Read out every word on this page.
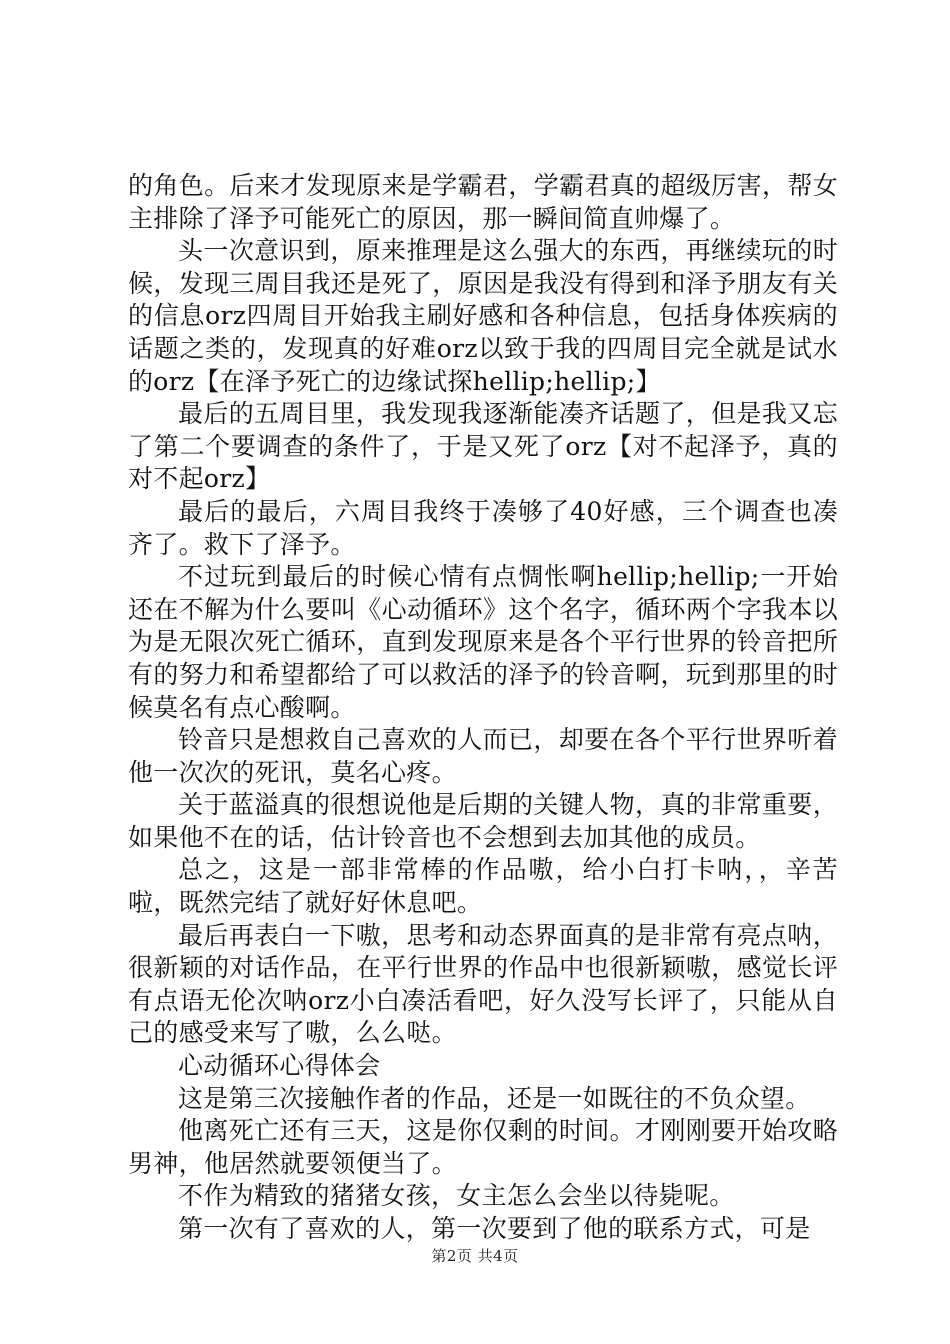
的角色。后来才发现原来是学霸君，学霸君真的超级厉害，帮女主排除了泽予可能死亡的原因，那一瞬间简直帅爆了。

头一次意识到，原来推理是这么强大的东西，再继续玩的时候，发现三周目我还是死了，原因是我没有得到和泽予朋友有关的信息orz四周目开始我主刷好感和各种信息，包括身体疾病的话题之类的，发现真的好难orz以致于我的四周目完全就是试水的orz【在泽予死亡的边缘试探hellip;hellip;】

最后的五周目里，我发现我逐渐能凑齐话题了，但是我又忘了第二个要调查的条件了，于是又死了orz【对不起泽予，真的对不起orz】

最后的最后，六周目我终于凑够了40好感，三个调查也凑齐了。救下了泽予。

不过玩到最后的时候心情有点惆怅啊hellip;hellip;一开始还在不解为什么要叫《心动循环》这个名字，循环两个字我本以为是无限次死亡循环，直到发现原来是各个平行世界的铃音把所有的努力和希望都给了可以救活的泽予的铃音啊，玩到那里的时候莫名有点心酸啊。

铃音只是想救自己喜欢的人而已，却要在各个平行世界听着他一次次的死讯，莫名心疼。

关于蓝溢真的很想说他是后期的关键人物，真的非常重要，如果他不在的话，估计铃音也不会想到去加其他的成员。

总之，这是一部非常棒的作品嗷，给小白打卡呐，，辛苦啦，既然完结了就好好休息吧。

最后再表白一下嗷，思考和动态界面真的是非常有亮点呐，很新颖的对话作品，在平行世界的作品中也很新颖嗷，感觉长评有点语无伦次呐orz小白凑活看吧，好久没写长评了，只能从自己的感受来写了嗷，么么哒。

心动循环心得体会

这是第三次接触作者的作品，还是一如既往的不负众望。

他离死亡还有三天，这是你仅剩的时间。才刚刚要开始攻略男神，他居然就要领便当了。

不作为精致的猪猪女孩，女主怎么会坐以待毙呢。

第一次有了喜欢的人，第一次要到了他的联系方式，可是

第2页 共4页
